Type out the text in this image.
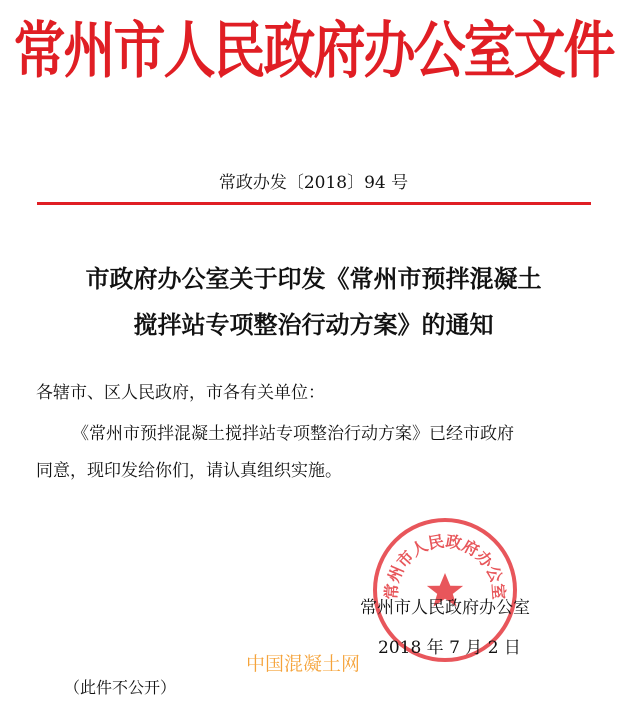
常州市人民政府办公室文件
常政办发〔2018〕94 号
市政府办公室关于印发《常州市预拌混凝土
搅拌站专项整治行动方案》的通知
各辖市、区人民政府，市各有关单位：
《常州市预拌混凝土搅拌站专项整治行动方案》已经市政府
同意，现印发给你们，请认真组织实施。
常州市人民政府办公室
常州市人民政府办公室
2018 年 7 月 2 日
中国混凝土网
（此件不公开）
